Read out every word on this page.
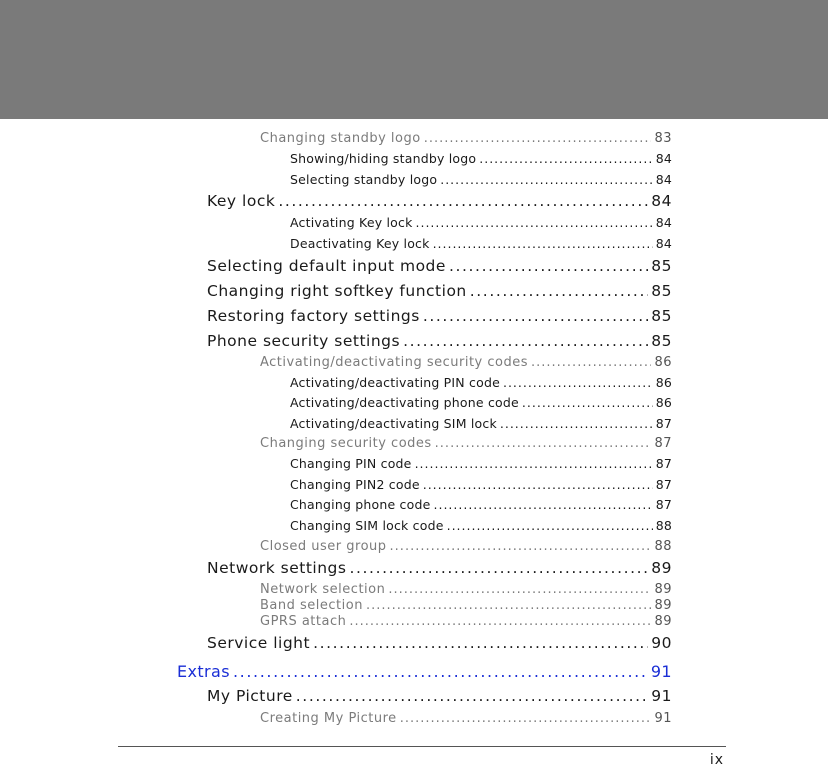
Changing standby logo .....	83
Showing/hiding standby logo .....	84
Selecting standby logo .....	84
Key lock .....	84
Activating Key lock .....	84
Deactivating Key lock .....	84
Selecting default input mode .....	85
Changing right softkey function .....	85
Restoring factory settings .....	85
Phone security settings .....	85
Activating/deactivating security codes .....	86
Activating/deactivating PIN code .....	86
Activating/deactivating phone code .....	86
Activating/deactivating SIM lock .....	87
Changing security codes .....	87
Changing PIN code .....	87
Changing PIN2 code .....	87
Changing phone code .....	87
Changing SIM lock code .....	88
Closed user group .....	88
Network settings .....	89
Network selection .....	89
Band selection .....	89
GPRS attach .....	89
Service light .....	90
Extras .....	91
My Picture .....	91
Creating My Picture .....	91
ix
